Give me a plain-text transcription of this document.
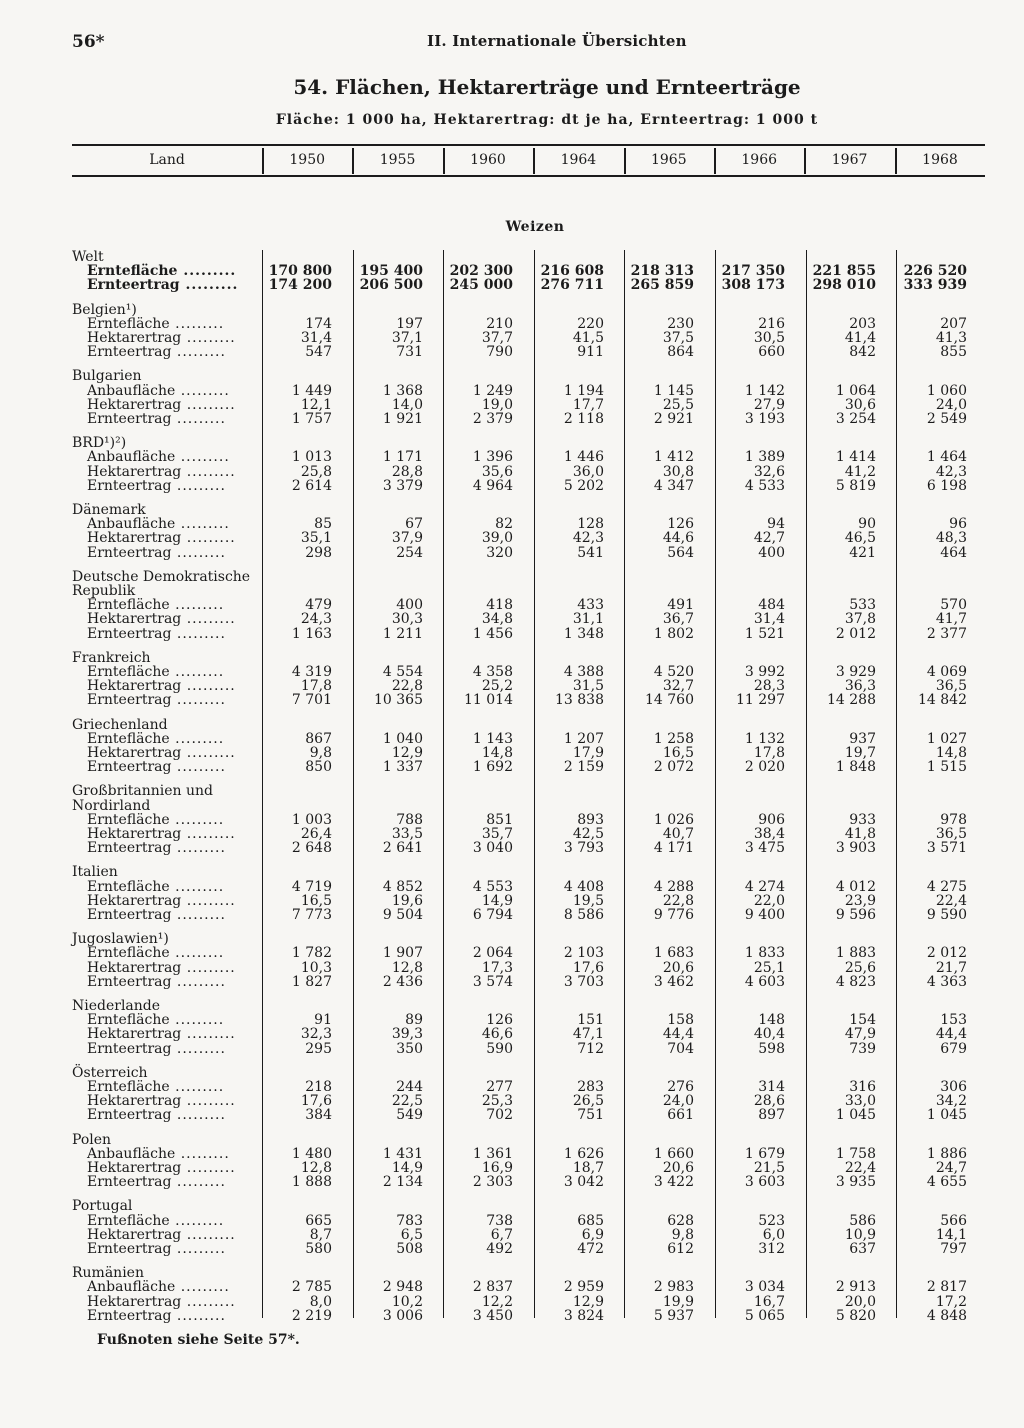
56*	II. Internationale Übersichten
54. Flächen, Hektarerträge und Ernteerträge
Fläche: 1 000 ha, Hektarertrag: dt je ha, Ernteertrag: 1 000 t
Land	1950	1955	1960	1964	1965	1966	1967	1968
Weizen
Welt
Erntefläche .........	170 800	195 400	202 300	216 608	218 313	217 350	221 855	226 520
Ernteertrag .........	174 200	206 500	245 000	276 711	265 859	308 173	298 010	333 939
Belgien¹)
Erntefläche .........	174	197	210	220	230	216	203	207
Hektarertrag .........	31,4	37,1	37,7	41,5	37,5	30,5	41,4	41,3
Ernteertrag .........	547	731	790	911	864	660	842	855
Bulgarien
Anbaufläche .........	1 449	1 368	1 249	1 194	1 145	1 142	1 064	1 060
Hektarertrag .........	12,1	14,0	19,0	17,7	25,5	27,9	30,6	24,0
Ernteertrag .........	1 757	1 921	2 379	2 118	2 921	3 193	3 254	2 549
BRD¹)²)
Anbaufläche .........	1 013	1 171	1 396	1 446	1 412	1 389	1 414	1 464
Hektarertrag .........	25,8	28,8	35,6	36,0	30,8	32,6	41,2	42,3
Ernteertrag .........	2 614	3 379	4 964	5 202	4 347	4 533	5 819	6 198
Dänemark
Anbaufläche .........	85	67	82	128	126	94	90	96
Hektarertrag .........	35,1	37,9	39,0	42,3	44,6	42,7	46,5	48,3
Ernteertrag .........	298	254	320	541	564	400	421	464
Deutsche Demokratische
Republik
Erntefläche .........	479	400	418	433	491	484	533	570
Hektarertrag .........	24,3	30,3	34,8	31,1	36,7	31,4	37,8	41,7
Ernteertrag .........	1 163	1 211	1 456	1 348	1 802	1 521	2 012	2 377
Frankreich
Erntefläche .........	4 319	4 554	4 358	4 388	4 520	3 992	3 929	4 069
Hektarertrag .........	17,8	22,8	25,2	31,5	32,7	28,3	36,3	36,5
Ernteertrag .........	7 701	10 365	11 014	13 838	14 760	11 297	14 288	14 842
Griechenland
Erntefläche .........	867	1 040	1 143	1 207	1 258	1 132	937	1 027
Hektarertrag .........	9,8	12,9	14,8	17,9	16,5	17,8	19,7	14,8
Ernteertrag .........	850	1 337	1 692	2 159	2 072	2 020	1 848	1 515
Großbritannien und
Nordirland
Erntefläche .........	1 003	788	851	893	1 026	906	933	978
Hektarertrag .........	26,4	33,5	35,7	42,5	40,7	38,4	41,8	36,5
Ernteertrag .........	2 648	2 641	3 040	3 793	4 171	3 475	3 903	3 571
Italien
Erntefläche .........	4 719	4 852	4 553	4 408	4 288	4 274	4 012	4 275
Hektarertrag .........	16,5	19,6	14,9	19,5	22,8	22,0	23,9	22,4
Ernteertrag .........	7 773	9 504	6 794	8 586	9 776	9 400	9 596	9 590
Jugoslawien¹)
Erntefläche .........	1 782	1 907	2 064	2 103	1 683	1 833	1 883	2 012
Hektarertrag .........	10,3	12,8	17,3	17,6	20,6	25,1	25,6	21,7
Ernteertrag .........	1 827	2 436	3 574	3 703	3 462	4 603	4 823	4 363
Niederlande
Erntefläche .........	91	89	126	151	158	148	154	153
Hektarertrag .........	32,3	39,3	46,6	47,1	44,4	40,4	47,9	44,4
Ernteertrag .........	295	350	590	712	704	598	739	679
Österreich
Erntefläche .........	218	244	277	283	276	314	316	306
Hektarertrag .........	17,6	22,5	25,3	26,5	24,0	28,6	33,0	34,2
Ernteertrag .........	384	549	702	751	661	897	1 045	1 045
Polen
Anbaufläche .........	1 480	1 431	1 361	1 626	1 660	1 679	1 758	1 886
Hektarertrag .........	12,8	14,9	16,9	18,7	20,6	21,5	22,4	24,7
Ernteertrag .........	1 888	2 134	2 303	3 042	3 422	3 603	3 935	4 655
Portugal
Erntefläche .........	665	783	738	685	628	523	586	566
Hektarertrag .........	8,7	6,5	6,7	6,9	9,8	6,0	10,9	14,1
Ernteertrag .........	580	508	492	472	612	312	637	797
Rumänien
Anbaufläche .........	2 785	2 948	2 837	2 959	2 983	3 034	2 913	2 817
Hektarertrag .........	8,0	10,2	12,2	12,9	19,9	16,7	20,0	17,2
Ernteertrag .........	2 219	3 006	3 450	3 824	5 937	5 065	5 820	4 848
Fußnoten siehe Seite 57*.
